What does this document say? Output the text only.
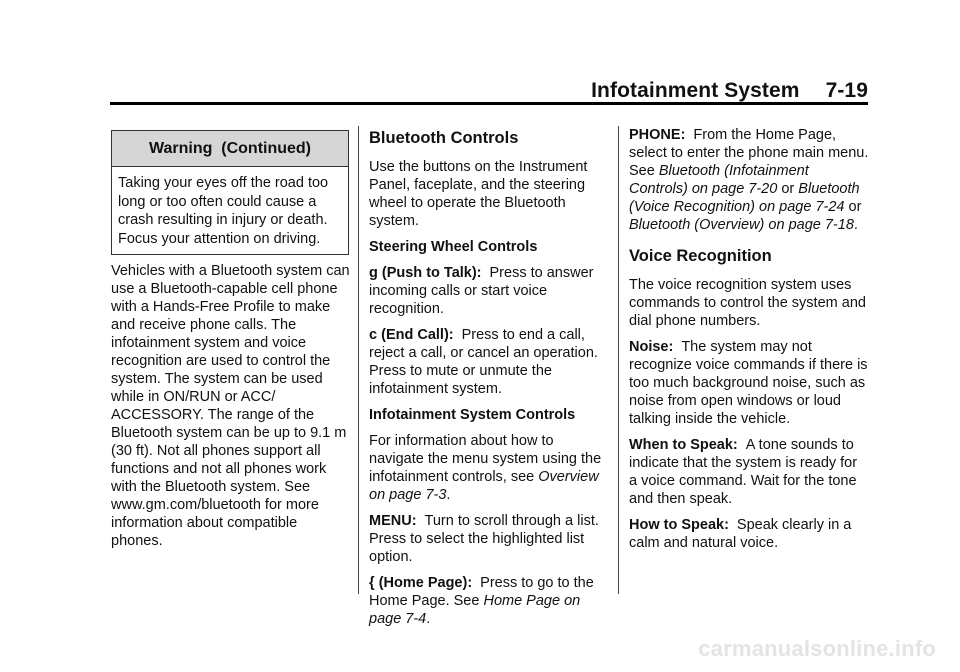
Infotainment System 7-19
Warning  (Continued)
Taking your eyes off the road too long or too often could cause a crash resulting in injury or death. Focus your attention on driving.

Vehicles with a Bluetooth system can use a Bluetooth-capable cell phone with a Hands-Free Profile to make and receive phone calls. The infotainment system and voice recognition are used to control the system. The system can be used while in ON/RUN or ACC/ ACCESSORY. The range of the Bluetooth system can be up to 9.1 m (30 ft). Not all phones support all functions and not all phones work with the Bluetooth system. See www.gm.com/bluetooth for more information about compatible phones.

Bluetooth Controls

Use the buttons on the Instrument Panel, faceplate, and the steering wheel to operate the Bluetooth system.

Steering Wheel Controls

g (Push to Talk): Press to answer incoming calls or start voice recognition.

c (End Call): Press to end a call, reject a call, or cancel an operation. Press to mute or unmute the infotainment system.

Infotainment System Controls

For information about how to navigate the menu system using the infotainment controls, see Overview on page 7-3.

MENU: Turn to scroll through a list. Press to select the highlighted list option.

{ (Home Page): Press to go to the Home Page. See Home Page on page 7-4.

PHONE: From the Home Page, select to enter the phone main menu. See Bluetooth (Infotainment Controls) on page 7-20 or Bluetooth (Voice Recognition) on page 7-24 or Bluetooth (Overview) on page 7-18.

Voice Recognition

The voice recognition system uses commands to control the system and dial phone numbers.

Noise: The system may not recognize voice commands if there is too much background noise, such as noise from open windows or loud talking inside the vehicle.

When to Speak: A tone sounds to indicate that the system is ready for a voice command. Wait for the tone and then speak.

How to Speak: Speak clearly in a calm and natural voice.

carmanualsonline.info
